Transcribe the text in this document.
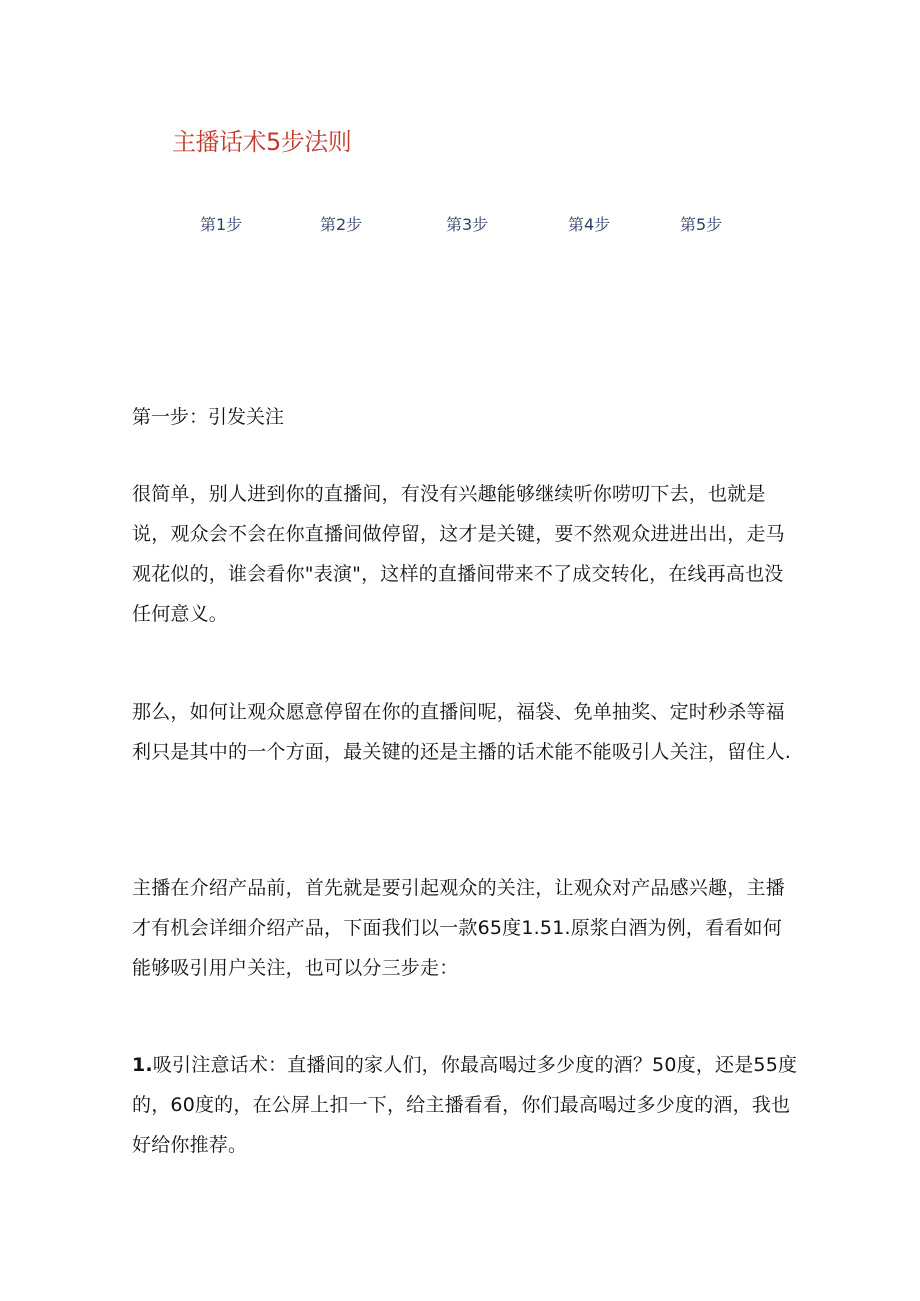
主播话术5步法则
第1步	第2步	第3步	第4步	第5步
第一步：引发关注

很简单，别人进到你的直播间，有没有兴趣能够继续听你唠叨下去，也就是说，观众会不会在你直播间做停留，这才是关键，要不然观众进进出出，走马观花似的，谁会看你"表演"，这样的直播间带来不了成交转化，在线再高也没任何意义。

那么，如何让观众愿意停留在你的直播间呢，福袋、免单抽奖、定时秒杀等福利只是其中的一个方面，最关键的还是主播的话术能不能吸引人关注，留住人.

主播在介绍产品前，首先就是要引起观众的关注，让观众对产品感兴趣，主播才有机会详细介绍产品，下面我们以一款65度1.51.原浆白酒为例，看看如何能够吸引用户关注，也可以分三步走：

1.吸引注意话术：直播间的家人们，你最高喝过多少度的酒？50度，还是55度的，60度的，在公屏上扣一下，给主播看看，你们最高喝过多少度的酒，我也好给你推荐。
